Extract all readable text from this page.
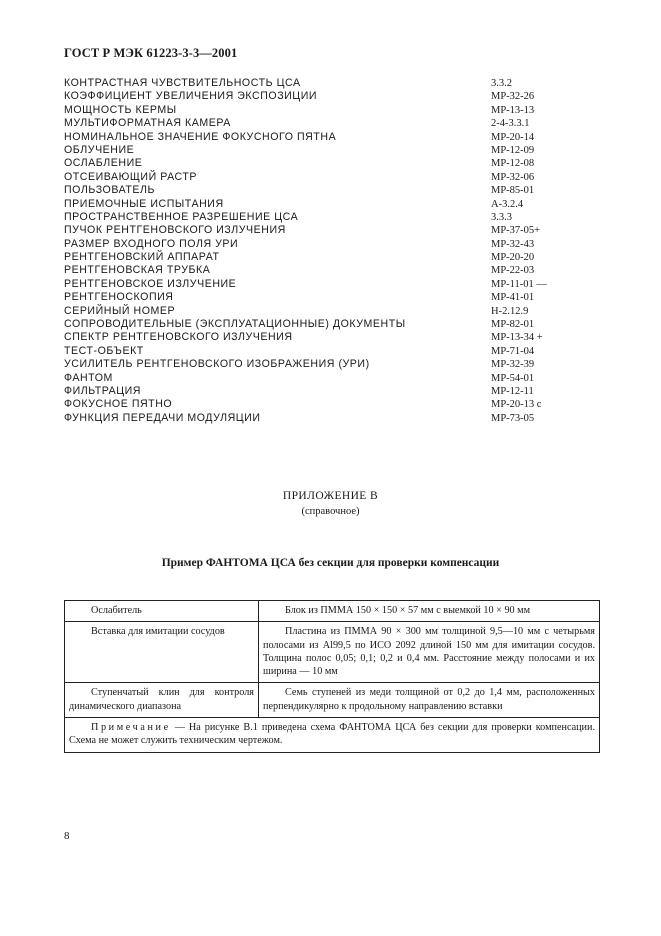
ГОСТ Р МЭК 61223-3-3—2001
КОНТРАСТНАЯ ЧУВСТВИТЕЛЬНОСТЬ ЦСА	3.3.2
КОЭФФИЦИЕНТ УВЕЛИЧЕНИЯ ЭКСПОЗИЦИИ	МР-32-26
МОЩНОСТЬ КЕРМЫ	МР-13-13
МУЛЬТИФОРМАТНАЯ КАМЕРА	2-4-3.3.1
НОМИНАЛЬНОЕ ЗНАЧЕНИЕ ФОКУСНОГО ПЯТНА	МР-20-14
ОБЛУЧЕНИЕ	МР-12-09
ОСЛАБЛЕНИЕ	МР-12-08
ОТСЕИВАЮЩИЙ РАСТР	МР-32-06
ПОЛЬЗОВАТЕЛЬ	МР-85-01
ПРИЕМОЧНЫЕ ИСПЫТАНИЯ	А-3.2.4
ПРОСТРАНСТВЕННОЕ РАЗРЕШЕНИЕ ЦСА	3.3.3
ПУЧОК РЕНТГЕНОВСКОГО ИЗЛУЧЕНИЯ	МР-37-05+
РАЗМЕР ВХОДНОГО ПОЛЯ УРИ	МР-32-43
РЕНТГЕНОВСКИЙ АППАРАТ	МР-20-20
РЕНТГЕНОВСКАЯ ТРУБКА	МР-22-03
РЕНТГЕНОВСКОЕ ИЗЛУЧЕНИЕ	МР-11-01 —
РЕНТГЕНОСКОПИЯ	МР-41-01
СЕРИЙНЫЙ НОМЕР	Н-2.12.9
СОПРОВОДИТЕЛЬНЫЕ (ЭКСПЛУАТАЦИОННЫЕ) ДОКУМЕНТЫ	МР-82-01
СПЕКТР РЕНТГЕНОВСКОГО ИЗЛУЧЕНИЯ	МР-13-34 +
ТЕСТ-ОБЪЕКТ	МР-71-04
УСИЛИТЕЛЬ РЕНТГЕНОВСКОГО ИЗОБРАЖЕНИЯ (УРИ)	МР-32-39
ФАНТОМ	МР-54-01
ФИЛЬТРАЦИЯ	МР-12-11
ФОКУСНОЕ ПЯТНО	МР-20-13 с
ФУНКЦИЯ ПЕРЕДАЧИ МОДУЛЯЦИИ	МР-73-05
ПРИЛОЖЕНИЕ В
(справочное)
Пример ФАНТОМА ЦСА без секции для проверки компенсации
Ослабитель	Блок из ПММА 150 × 150 × 57 мм с выемкой 10 × 90 мм

Вставка для имитации сосудов	Пластина из ПММА 90 × 300 мм толщиной 9,5—10 мм с четырьмя полосами из Al99,5 по ИСО 2092 длиной 150 мм для имитации сосудов. Толщина полос 0,05; 0,1; 0,2 и 0,4 мм. Расстояние между полосами и их ширина — 10 мм

Ступенчатый клин для контроля динамического диапазона	Семь ступеней из меди толщиной от 0,2 до 1,4 мм, расположенных перпендикулярно к продольному направлению вставки

Примечание — На рисунке В.1 приведена схема ФАНТОМА ЦСА без секции для проверки компенсации. Схема не может служить техническим чертежом.	
8
